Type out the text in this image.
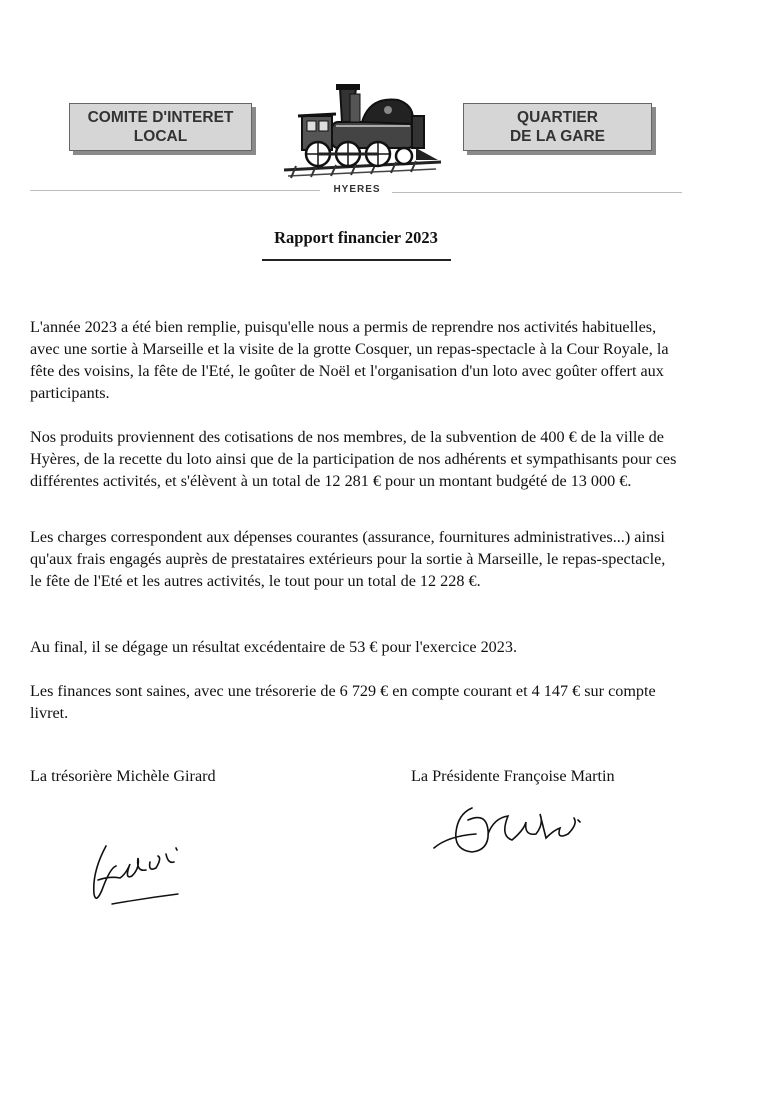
COMITE D'INTERET
LOCAL
QUARTIER
DE LA GARE
HYERES
Rapport financier 2023

L'année 2023 a été bien remplie, puisqu'elle nous a permis de reprendre nos activités habituelles, avec une sortie à Marseille et la visite de la grotte Cosquer, un repas-spectacle à la Cour Royale, la fête des voisins, la fête de l'Eté, le goûter de Noël et l'organisation d'un loto avec goûter offert aux participants.

Nos produits proviennent des cotisations de nos membres, de la subvention de 400 € de la ville de Hyères, de la recette du loto ainsi que de la participation de nos adhérents et sympathisants pour ces différentes activités, et s'élèvent à un total de 12 281 € pour un montant budgété de 13 000 €.

Les charges correspondent aux dépenses courantes (assurance, fournitures administratives...) ainsi qu'aux frais engagés auprès de prestataires extérieurs pour la sortie à Marseille, le repas-spectacle, le fête de l'Eté et les autres activités, le tout pour un total de 12 228 €.

Au final, il se dégage un résultat excédentaire de 53 € pour l'exercice 2023.

Les finances sont saines, avec une trésorerie de 6 729 € en compte courant et 4 147 € sur compte livret.

La trésorière Michèle Girard	La Présidente Françoise Martin
